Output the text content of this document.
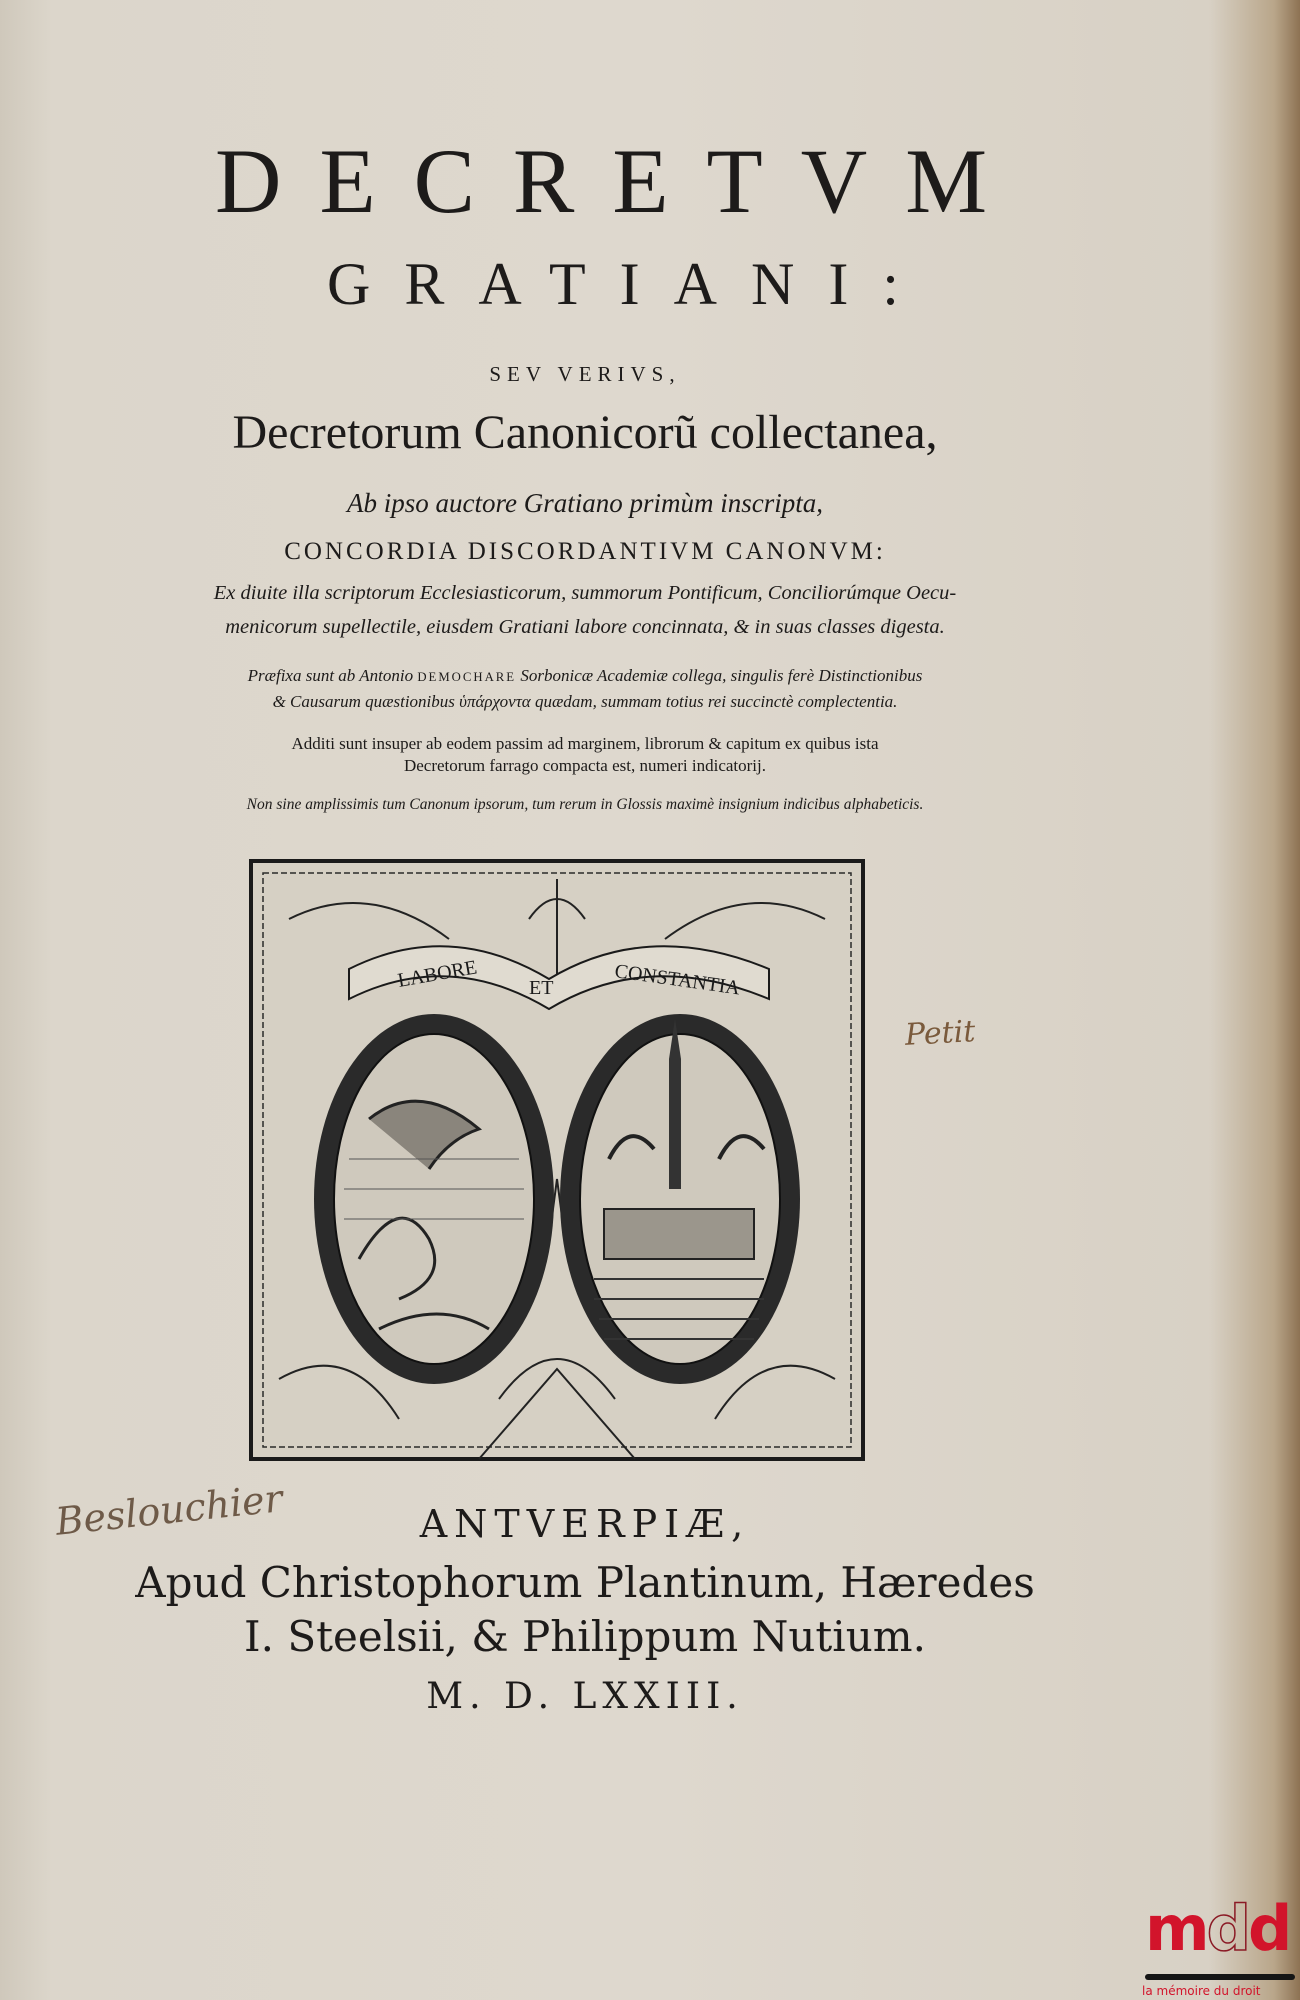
DECRETVM
GRATIANI:
SEV VERIVS,
Decretorum Canonicorũ collectanea,
Ab ipso auctore Gratiano primùm inscripta,
CONCORDIA DISCORDANTIVM CANONVM:
Ex diuite illa scriptorum Ecclesiasticorum, summorum Pontificum, Conciliorúmque Oecu-
menicorum supellectile, eiusdem Gratiani labore concinnata, & in suas classes digesta.
Præfixa sunt ab Antonio DEMOCHARE Sorbonicæ Academiæ collega, singulis ferè Distinctionibus
& Causarum quæstionibus ὑπάρχοντα quædam, summam totius rei succinctè complectentia.
Additi sunt insuper ab eodem passim ad marginem, librorum & capitum ex quibus ista
Decretorum farrago compacta est, numeri indicatorij.
Non sine amplissimis tum Canonum ipsorum, tum rerum in Glossis maximè insignium indicibus alphabeticis.
LABORE	ET	CONSTANTIA
ANTVERPIÆ,
Apud Christophorum Plantinum, Hæredes
I. Steelsii, & Philippum Nutium.
M. D. LXXIII.
Petit
Beslouchier
mdd
la mémoire du droit
